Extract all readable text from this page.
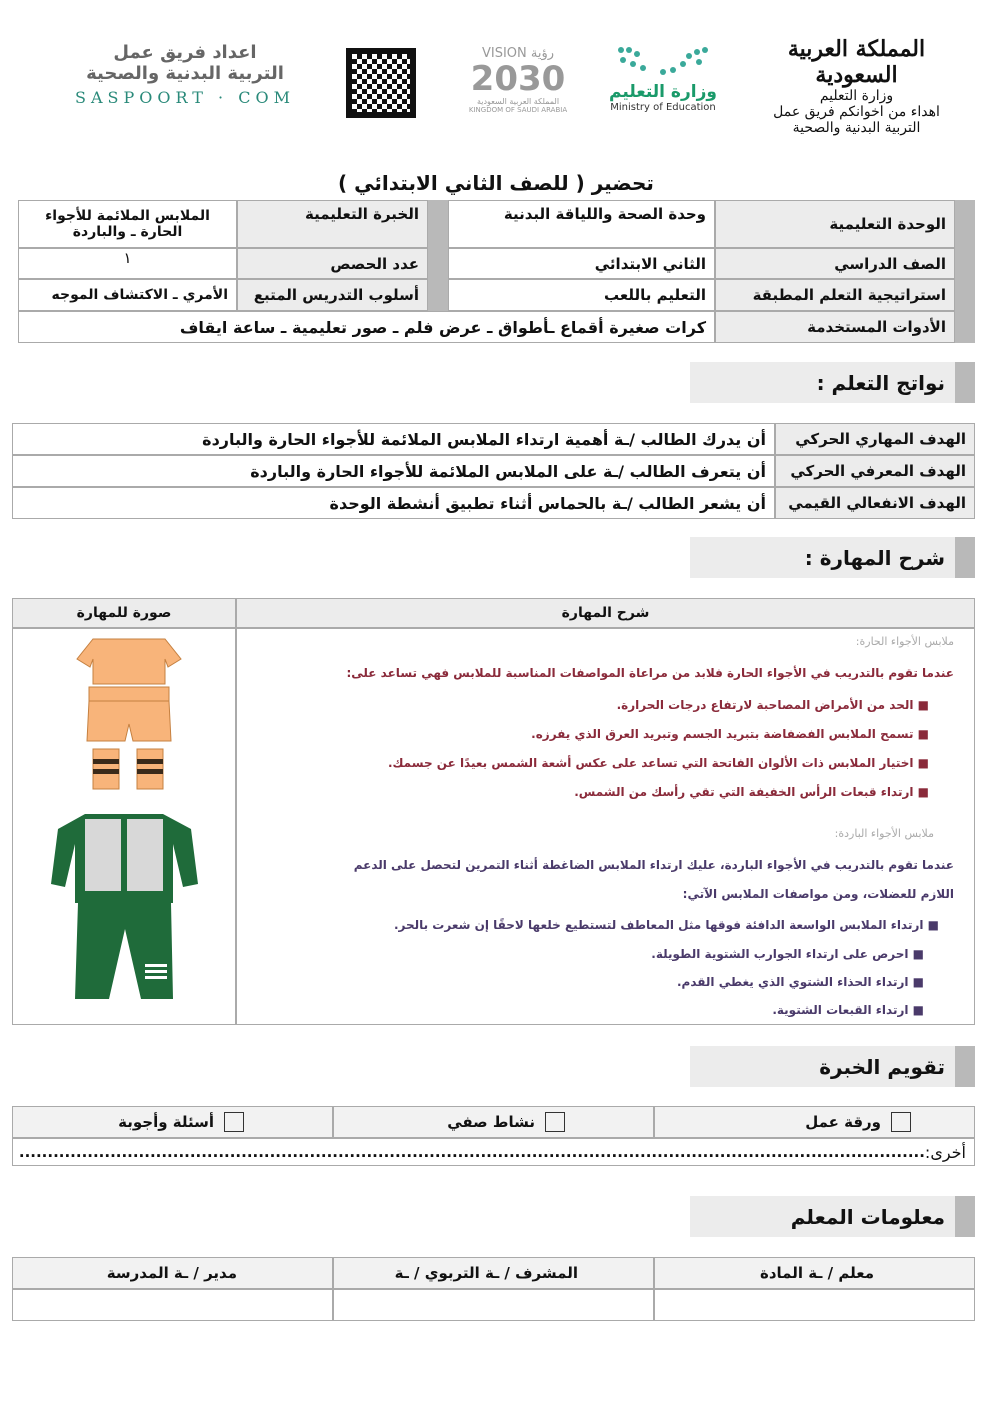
المملكة العربية السعودية
وزارة التعليم
اهداء من اخوانكم فريق عمل
التربية البدنية والصحية
وزارة التعليم
Ministry of Education
VISION رؤية
2030
المملكة العربية السعودية
KINGDOM OF SAUDI ARABIA
اعداد فريق عمل
التربية البدنية والصحية
SASPOORT · COM
تحضير ( للصف الثاني الابتدائي )
الوحدة التعليمية
وحدة الصحة واللياقة البدنية
الخبرة التعليمية
الملابس الملائمة للأجواء الحارة ـ والباردة
الصف الدراسي
الثاني الابتدائي
عدد الحصص
١
استراتيجية التعلم المطبقة
التعليم باللعب
أسلوب التدريس المتبع
الأمري ـ الاكتشاف الموجه
الأدوات المستخدمة
كرات صغيرة أقماع ـأطواق ـ عرض فلم ـ صور تعليمية ـ ساعة ايقاف
نواتج التعلم :
الهدف المهاري الحركي
أن يدرك الطالب /ـة أهمية ارتداء الملابس الملائمة للأجواء الحارة والباردة
الهدف المعرفي الحركي
أن يتعرف الطالب /ـة على الملابس الملائمة للأجواء الحارة والباردة
الهدف الانفعالي القيمي
أن يشعر الطالب /ـة بالحماس أثناء تطبيق أنشطة الوحدة
شرح المهارة :
شرح المهارة
صورة للمهارة
ملابس الأجواء الحارة:
عندما تقوم بالتدريب في الأجواء الحارة فلابد من مراعاة المواصفات المناسبة للملابس فهي تساعد على:
■ الحد من الأمراض المصاحبة لارتفاع درجات الحرارة.
■ تسمح الملابس الفضفاضة بتبريد الجسم وتبريد العرق الذي يفرزه.
■ اختيار الملابس ذات الألوان الفاتحة التي تساعد على عكس أشعة الشمس بعيدًا عن جسمك.
■ ارتداء قبعات الرأس الخفيفة التي تقي رأسك من الشمس.
ملابس الأجواء الباردة:
عندما تقوم بالتدريب في الأجواء الباردة، عليك ارتداء الملابس الضاغطة أثناء التمرين لتحصل على الدعم
اللازم للعضلات، ومن مواصفات الملابس الآتي:
■ ارتداء الملابس الواسعة الدافئة فوقها مثل المعاطف لتستطيع خلعها لاحقًا إن شعرت بالحر.
■ احرص على ارتداء الجوارب الشتوية الطويلة.
■ ارتداء الحذاء الشتوي الذي يغطي القدم.
■ ارتداء القبعات الشتوية.
تقويم الخبرة
ورقة عمل
نشاط صفي
أسئلة وأجوبة
أخرى:
...............................................................................................................................................................
معلومات المعلم
معلم / ـة المادة
المشرف / ـة التربوي / ـة
مدير / ـة المدرسة
